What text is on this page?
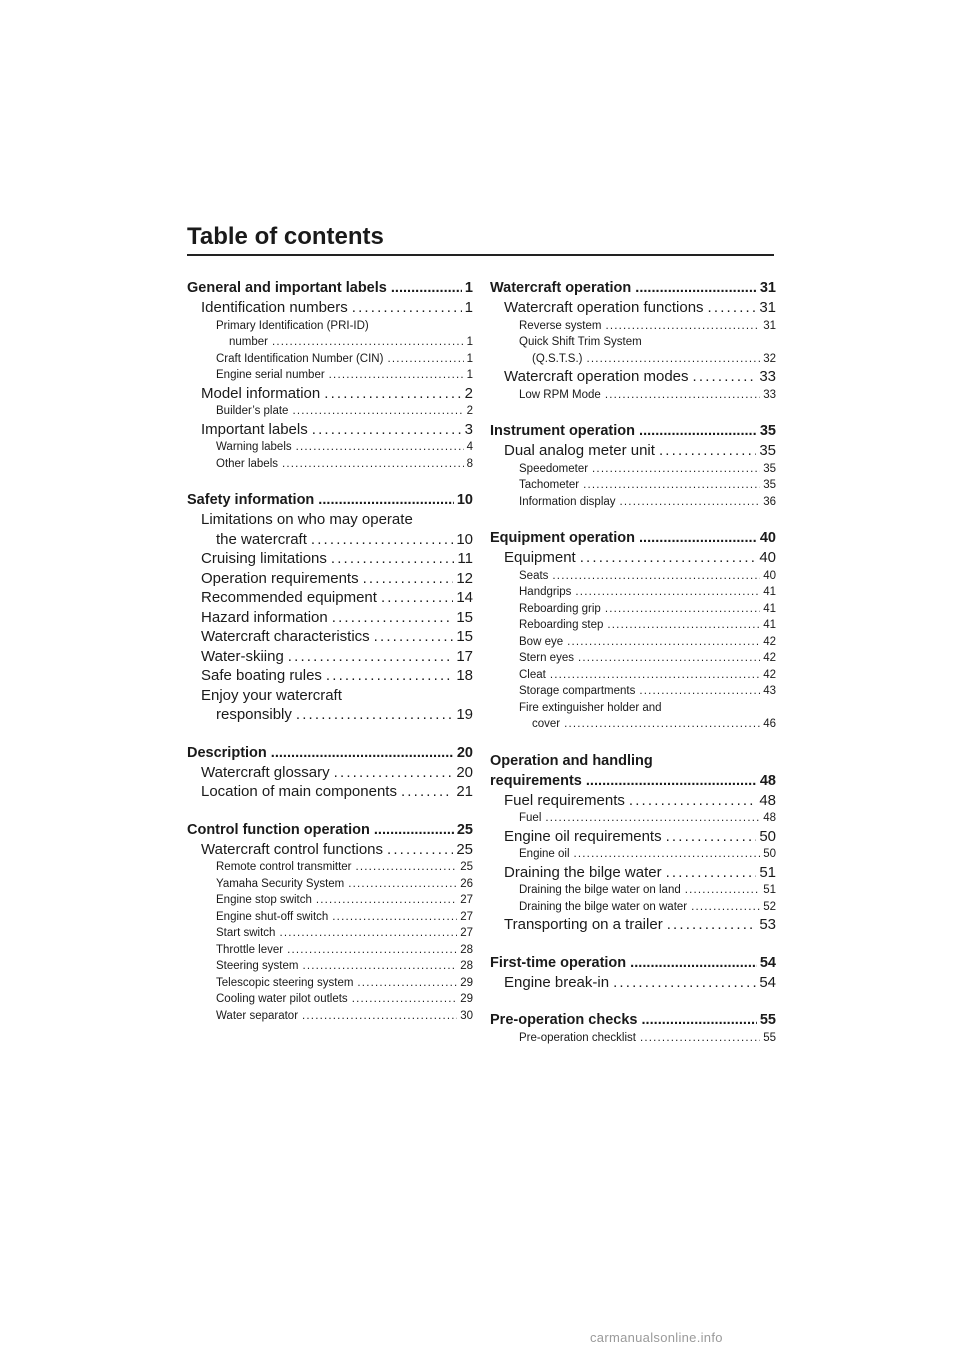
Table of contents
General and important labels . . .	1
Identification numbers . . .	1
Primary Identification (PRI-ID)
number . . .	1
Craft Identification Number (CIN) . . .	1
Engine serial number . . .	1
Model information . . .	2
Builder’s plate . . .	2
Important labels . . .	3
Warning labels . . .	4
Other labels . . .	8
Safety information . . .	10
Limitations on who may operate
the watercraft . . .	10
Cruising limitations . . .	11
Operation requirements . . .	12
Recommended equipment . . .	14
Hazard information . . .	15
Watercraft characteristics . . .	15
Water-skiing . . .	17
Safe boating rules . . .	18
Enjoy your watercraft
responsibly . . .	19
Description . . .	20
Watercraft glossary . . .	20
Location of main components . . .	21
Control function operation . . .	25
Watercraft control functions . . .	25
Remote control transmitter . . .	25
Yamaha Security System . . .	26
Engine stop switch . . .	27
Engine shut-off switch . . .	27
Start switch . . .	27
Throttle lever . . .	28
Steering system . . .	28
Telescopic steering system . . .	29
Cooling water pilot outlets . . .	29
Water separator . . .	30
Watercraft operation . . .	31
Watercraft operation functions . . .	31
Reverse system . . .	31
Quick Shift Trim System
(Q.S.T.S.) . . .	32
Watercraft operation modes . . .	33
Low RPM Mode . . .	33
Instrument operation . . .	35
Dual analog meter unit . . .	35
Speedometer . . .	35
Tachometer . . .	35
Information display . . .	36
Equipment operation . . .	40
Equipment . . .	40
Seats . . .	40
Handgrips . . .	41
Reboarding grip . . .	41
Reboarding step . . .	41
Bow eye . . .	42
Stern eyes . . .	42
Cleat . . .	42
Storage compartments . . .	43
Fire extinguisher holder and
cover . . .	46
Operation and handling
requirements . . .	48
Fuel requirements . . .	48
Fuel . . .	48
Engine oil requirements . . .	50
Engine oil . . .	50
Draining the bilge water . . .	51
Draining the bilge water on land . . .	51
Draining the bilge water on water . . .	52
Transporting on a trailer . . .	53
First-time operation . . .	54
Engine break-in . . .	54
Pre-operation checks . . .	55
Pre-operation checklist . . .	55
carmanualsonline.info
